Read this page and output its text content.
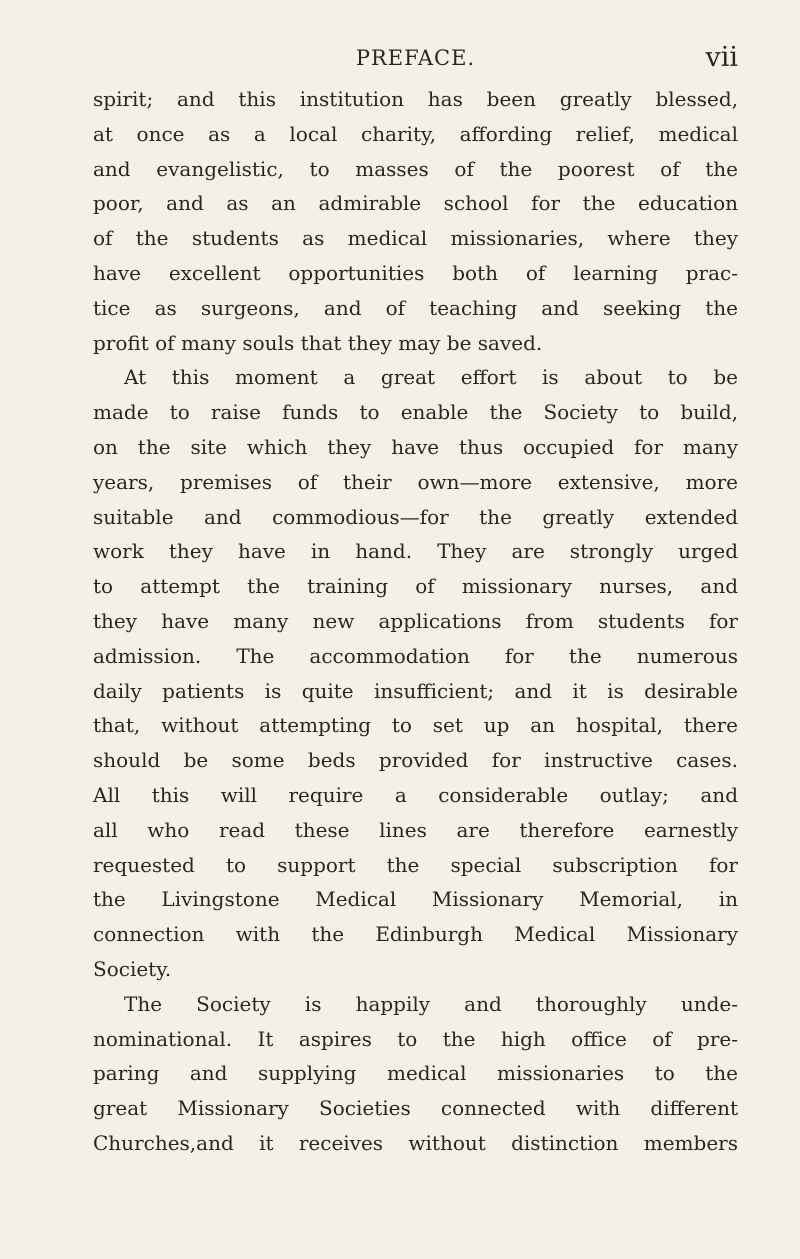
PREFACE.	vii
spirit; and this institution has been greatly blessed,
at once as a local charity, affording relief, medical
and evangelistic, to masses of the poorest of the
poor, and as an admirable school for the education
of the students as medical missionaries, where they
have excellent opportunities both of learning prac-
tice as surgeons, and of teaching and seeking the
profit of many souls that they may be saved.
At this moment a great effort is about to be
made to raise funds to enable the Society to build,
on the site which they have thus occupied for many
years, premises of their own—more extensive, more
suitable and commodious—for the greatly extended
work they have in hand. They are strongly urged
to attempt the training of missionary nurses, and
they have many new applications from students for
admission. The accommodation for the numerous
daily patients is quite insufficient; and it is desirable
that, without attempting to set up an hospital, there
should be some beds provided for instructive cases.
All this will require a considerable outlay; and
all who read these lines are therefore earnestly
requested to support the special subscription for
the Livingstone Medical Missionary Memorial, in
connection with the Edinburgh Medical Missionary
Society.
The Society is happily and thoroughly unde-
nominational. It aspires to the high office of pre-
paring and supplying medical missionaries to the
great Missionary Societies connected with different
Churches,and it receives without distinction members
